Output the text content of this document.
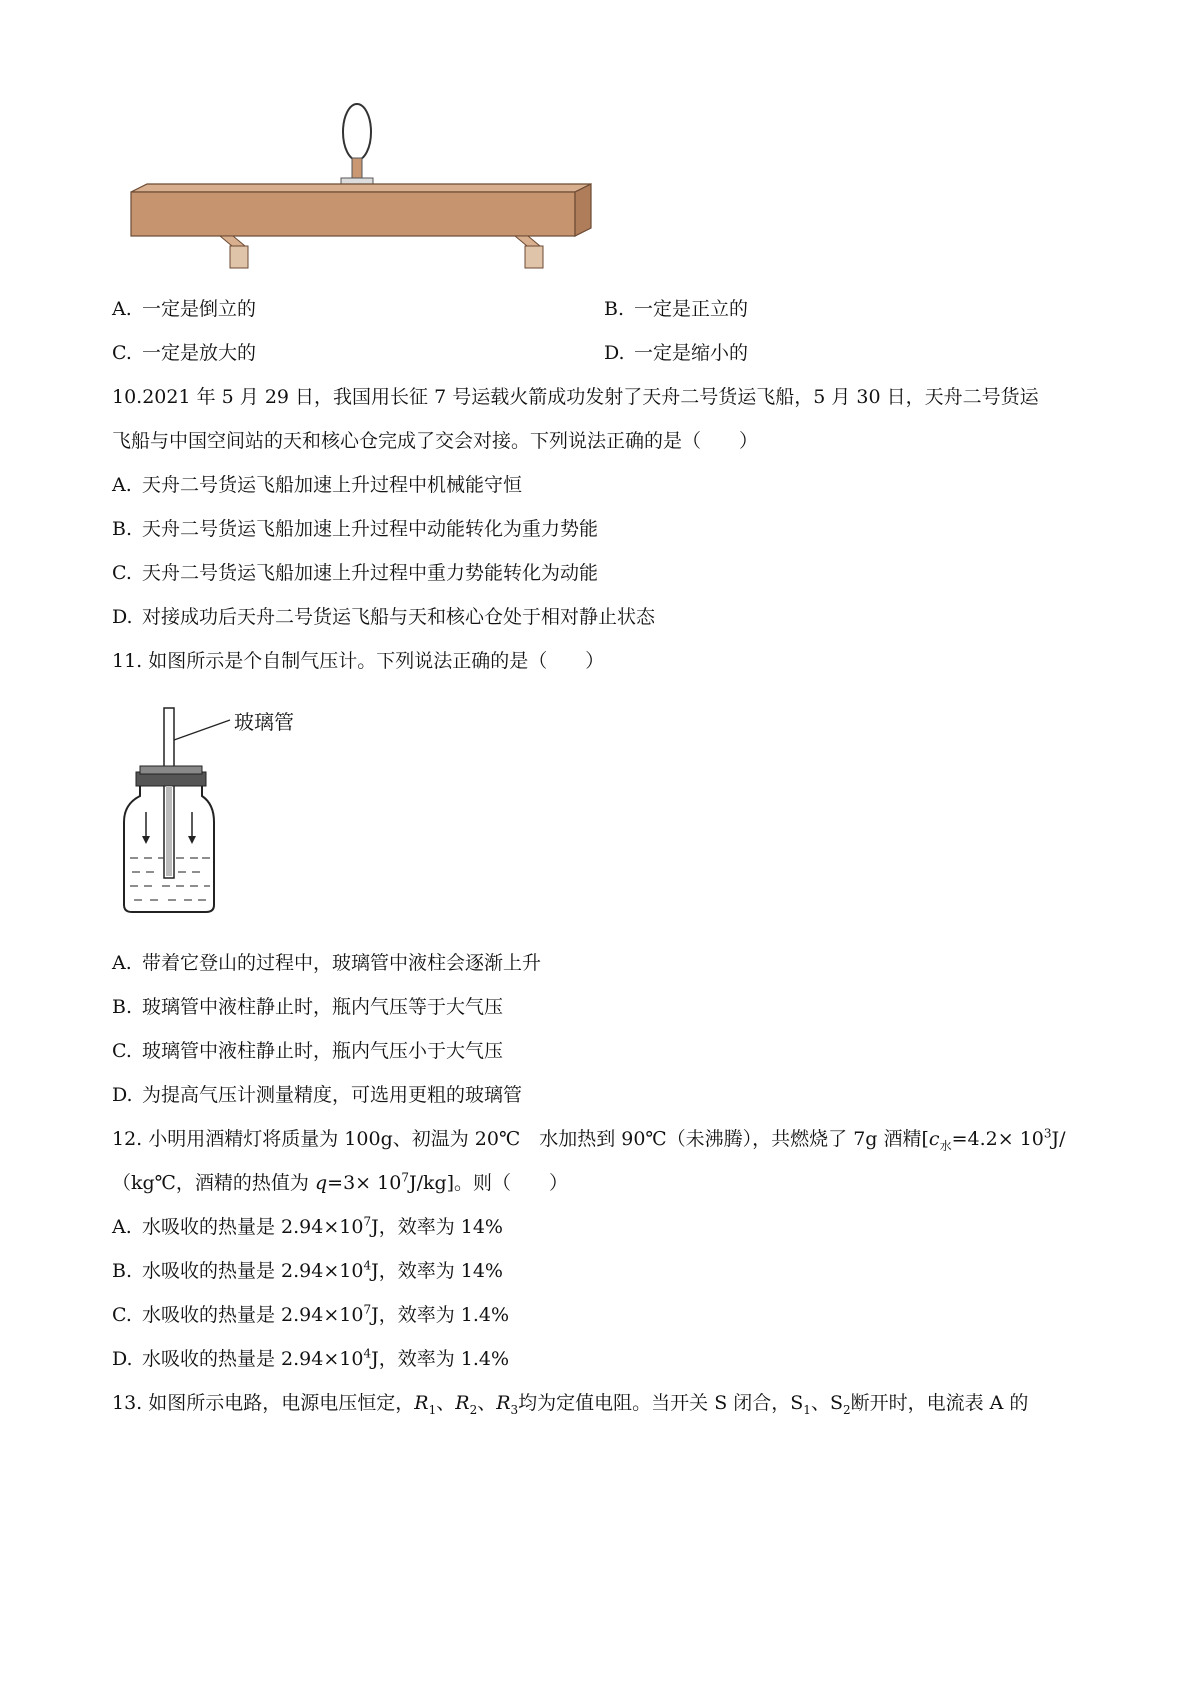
A. 一定是倒立的	B. 一定是正立的
C. 一定是放大的	D. 一定是缩小的
10.2021 年 5 月 29 日，我国用长征 7 号运载火箭成功发射了天舟二号货运飞船，5 月 30 日，天舟二号货运
飞船与中国空间站的天和核心仓完成了交会对接。下列说法正确的是（　　）
A. 天舟二号货运飞船加速上升过程中机械能守恒
B. 天舟二号货运飞船加速上升过程中动能转化为重力势能
C. 天舟二号货运飞船加速上升过程中重力势能转化为动能
D. 对接成功后天舟二号货运飞船与天和核心仓处于相对静止状态
11. 如图所示是个自制气压计。下列说法正确的是（　　）
玻璃管
A. 带着它登山的过程中，玻璃管中液柱会逐渐上升
B. 玻璃管中液柱静止时，瓶内气压等于大气压
C. 玻璃管中液柱静止时，瓶内气压小于大气压
D. 为提高气压计测量精度，可选用更粗的玻璃管
12. 小明用酒精灯将质量为 100g、初温为 20℃　水加热到 90℃（未沸腾），共燃烧了 7g 酒精[$c_水=4.2\times 10^3J/$
（kg℃，酒精的热值为 $q=3\times 10^7J/kg$]。则（　　）
A. 水吸收的热量是 $2.94\times 10^7J$，效率为 14%
B. 水吸收的热量是 $2.94\times 10^4J$，效率为 14%
C. 水吸收的热量是 $2.94\times 10^7J$，效率为 1.4%
D. 水吸收的热量是 $2.94\times 10^4J$，效率为 1.4%
13. 如图所示电路，电源电压恒定，$R_1$、$R_2$、$R_3$均为定值电阻。当开关 S 闭合，$S_1$、$S_2$断开时，电流表 A 的
